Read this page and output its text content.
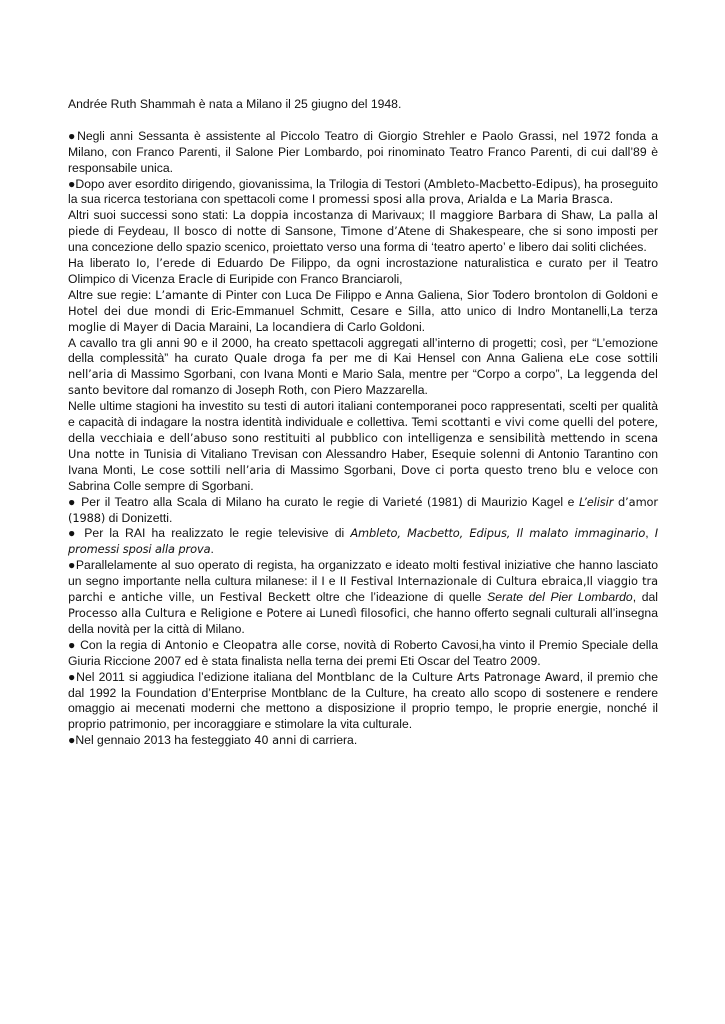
Andrée Ruth Shammah è nata a Milano il 25 giugno del 1948.

●Negli anni Sessanta è assistente al Piccolo Teatro di Giorgio Strehler e Paolo Grassi, nel 1972 fonda a Milano, con Franco Parenti, il Salone Pier Lombardo, poi rinominato Teatro Franco Parenti, di cui dall’89 è responsabile unica.

●Dopo aver esordito dirigendo, giovanissima, la Trilogia di Testori (Ambleto-Macbetto-Edipus), ha proseguito la sua ricerca testoriana con spettacoli come I promessi sposi alla prova, Arialda e La Maria Brasca.

Altri suoi successi sono stati: La doppia incostanza di Marivaux; Il maggiore Barbara di Shaw, La palla al piede di Feydeau, Il bosco di notte di Sansone, Timone d’Atene di Shakespeare, che si sono imposti per una concezione dello spazio scenico, proiettato verso una forma di ‘teatro aperto’ e libero dai soliti clichées.

Ha liberato Io, l’erede di Eduardo De Filippo, da ogni incrostazione naturalistica e curato per il Teatro Olimpico di Vicenza Eracle di Euripide con Franco Branciaroli,

Altre sue regie: L’amante di Pinter con Luca De Filippo e Anna Galiena, Sior Todero brontolon di Goldoni e Hotel dei due mondi di Eric-Emmanuel Schmitt, Cesare e Silla, atto unico di Indro Montanelli,La terza moglie di Mayer di Dacia Maraini, La locandiera di Carlo Goldoni.

A cavallo tra gli anni 90 e il 2000, ha creato spettacoli aggregati all’interno di progetti; così, per “L’emozione della complessità” ha curato Quale droga fa per me di Kai Hensel con Anna Galiena eLe cose sottili nell’aria di Massimo Sgorbani, con Ivana Monti e Mario Sala, mentre per “Corpo a corpo”, La leggenda del santo bevitore dal romanzo di Joseph Roth, con Piero Mazzarella.

Nelle ultime stagioni ha investito su testi di autori italiani contemporanei poco rappresentati, scelti per qualità e capacità di indagare la nostra identità individuale e collettiva. Temi scottanti e vivi come quelli del potere, della vecchiaia e dell’abuso sono restituiti al pubblico con intelligenza e sensibilità mettendo in scena Una notte in Tunisia di Vitaliano Trevisan con Alessandro Haber, Esequie solenni di Antonio Tarantino con Ivana Monti, Le cose sottili nell’aria di Massimo Sgorbani, Dove ci porta questo treno blu e veloce con Sabrina Colle sempre di Sgorbani.

● Per il Teatro alla Scala di Milano ha curato le regie di Varieté (1981) di Maurizio Kagel e L’elisir d’amor (1988) di Donizetti.

● Per la RAI ha realizzato le regie televisive di Ambleto, Macbetto, Edipus, Il malato immaginario, I promessi sposi alla prova.

●Parallelamente al suo operato di regista, ha organizzato e ideato molti festival iniziative che hanno lasciato un segno importante nella cultura milanese: il I e II Festival Internazionale di Cultura ebraica,Il viaggio tra parchi e antiche ville, un Festival Beckett oltre che l’ideazione di quelle Serate del Pier Lombardo, dal Processo alla Cultura e Religione e Potere ai Lunedì filosofici, che hanno offerto segnali culturali all’insegna della novità per la città di Milano.

● Con la regia di Antonio e Cleopatra alle corse, novità di Roberto Cavosi,ha vinto il Premio Speciale della Giuria Riccione 2007 ed è stata finalista nella terna dei premi Eti Oscar del Teatro 2009.

●Nel 2011 si aggiudica l’edizione italiana del Montblanc de la Culture Arts Patronage Award, il premio che dal 1992 la Foundation d’Enterprise Montblanc de la Culture, ha creato allo scopo di sostenere e rendere omaggio ai mecenati moderni che mettono a disposizione il proprio tempo, le proprie energie, nonché il proprio patrimonio, per incoraggiare e stimolare la vita culturale.

●Nel gennaio 2013 ha festeggiato 40 anni di carriera.
